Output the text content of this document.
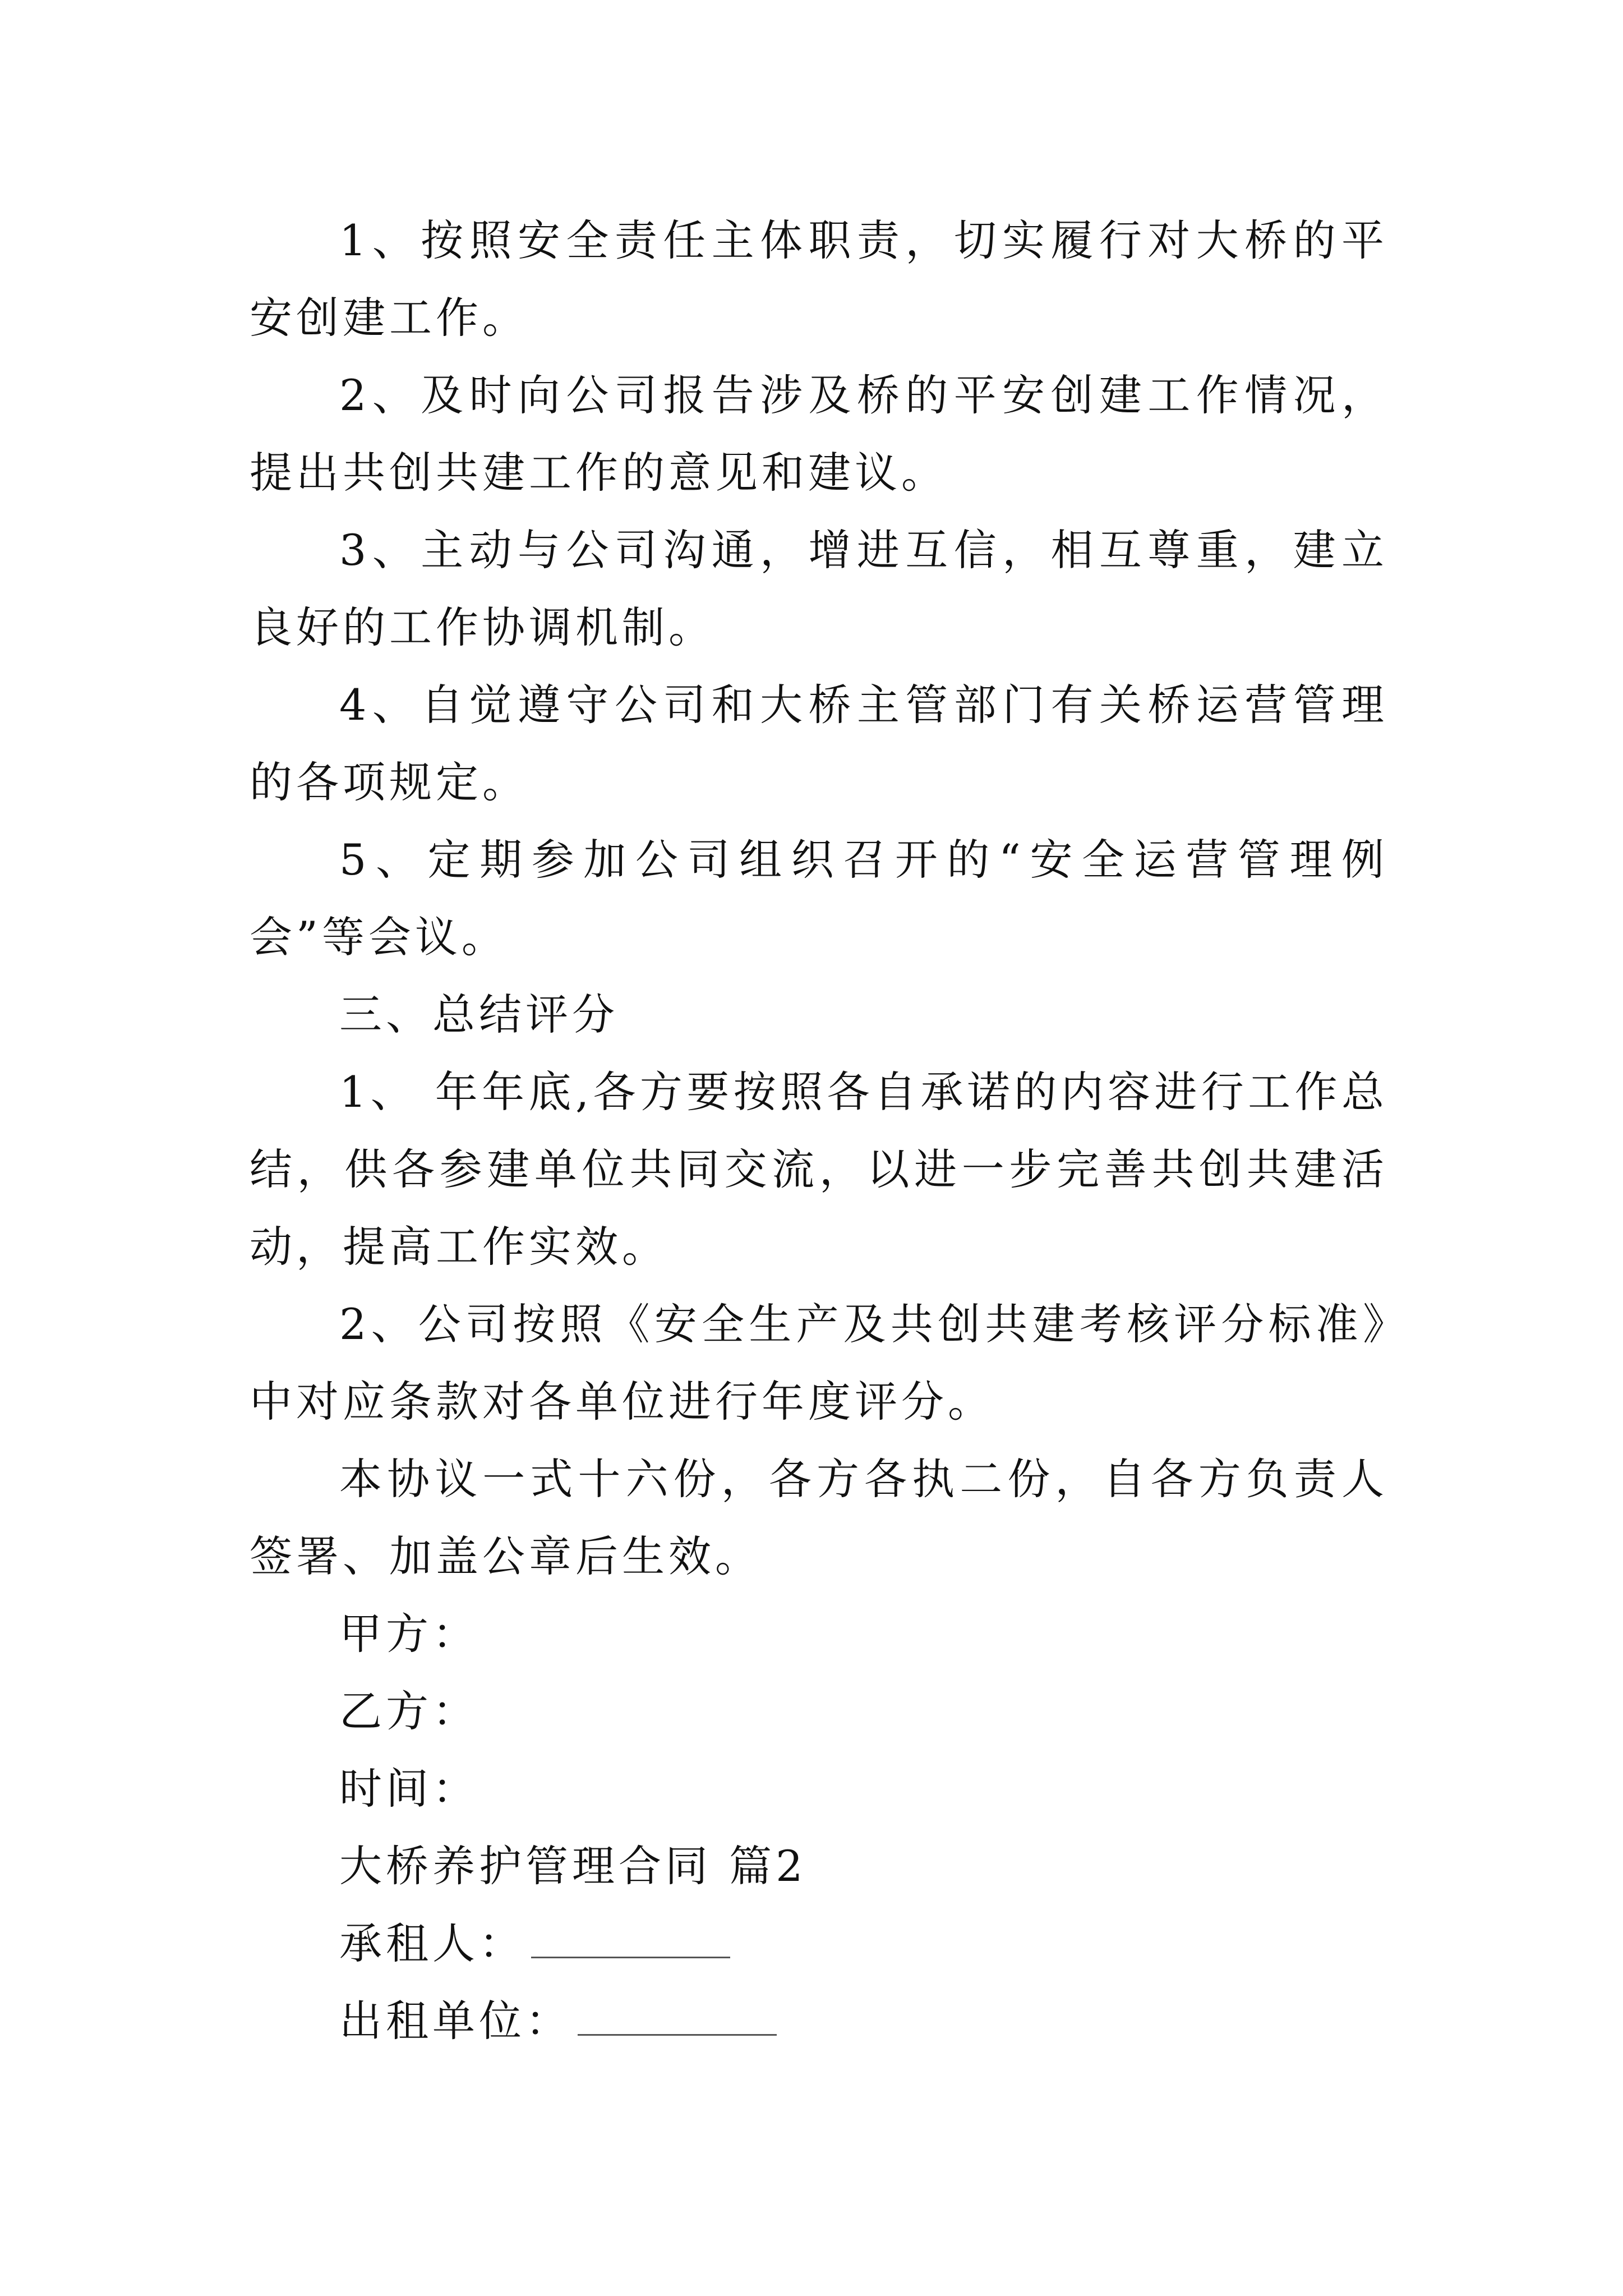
1、按照安全责任主体职责，切实履行对大桥的平安创建工作。

2、及时向公司报告涉及桥的平安创建工作情况，提出共创共建工作的意见和建议。

3、主动与公司沟通，增进互信，相互尊重，建立良好的工作协调机制。

4、自觉遵守公司和大桥主管部门有关桥运营管理的各项规定。

5、定期参加公司组织召开的“安全运营管理例会”等会议。

三、总结评分

1、 年年底,各方要按照各自承诺的内容进行工作总结，供各参建单位共同交流，以进一步完善共创共建活动，提高工作实效。

2、公司按照《安全生产及共创共建考核评分标准》中对应条款对各单位进行年度评分。

本协议一式十六份，各方各执二份，自各方负责人签署、加盖公章后生效。

甲方：

乙方：

时间：

大桥养护管理合同 篇2

承租人：

出租单位：
